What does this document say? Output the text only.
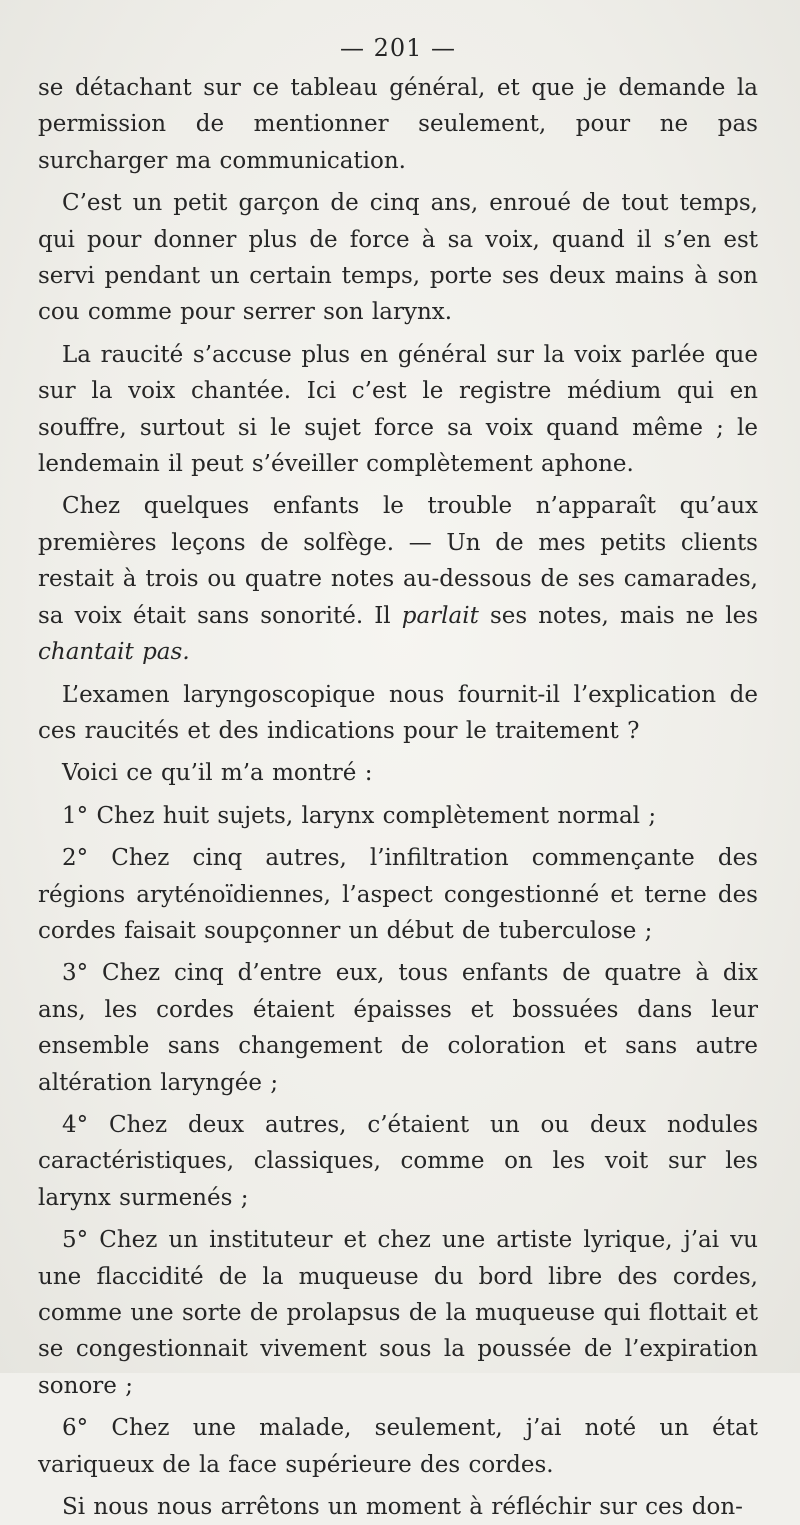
— 201 —

se détachant sur ce tableau général, et que je demande la permission de mentionner seulement, pour ne pas surcharger ma communication.

C’est un petit garçon de cinq ans, enroué de tout temps, qui pour donner plus de force à sa voix, quand il s’en est servi pendant un certain temps, porte ses deux mains à son cou comme pour serrer son larynx.

La raucité s’accuse plus en général sur la voix parlée que sur la voix chantée. Ici c’est le registre médium qui en souffre, surtout si le sujet force sa voix quand même ; le lendemain il peut s’éveiller complètement aphone.

Chez quelques enfants le trouble n’apparaît qu’aux premières leçons de solfège. — Un de mes petits clients restait à trois ou quatre notes au-dessous de ses camarades, sa voix était sans sonorité. Il parlait ses notes, mais ne les chantait pas.

L’examen laryngoscopique nous fournit-il l’explication de ces raucités et des indications pour le traitement ?

Voici ce qu’il m’a montré :

1° Chez huit sujets, larynx complètement normal ;

2° Chez cinq autres, l’infiltration commençante des régions aryténoïdiennes, l’aspect congestionné et terne des cordes faisait soupçonner un début de tuberculose ;

3° Chez cinq d’entre eux, tous enfants de quatre à dix ans, les cordes étaient épaisses et bossuées dans leur ensemble sans changement de coloration et sans autre altération laryngée ;

4° Chez deux autres, c’étaient un ou deux nodules caractéristiques, classiques, comme on les voit sur les larynx surmenés ;

5° Chez un instituteur et chez une artiste lyrique, j’ai vu une flaccidité de la muqueuse du bord libre des cordes, comme une sorte de prolapsus de la muqueuse qui flottait et se congestionnait vivement sous la poussée de l’expiration sonore ;

6° Chez une malade, seulement, j’ai noté un état variqueux de la face supérieure des cordes.

Si nous nous arrêtons un moment à réfléchir sur ces don-
